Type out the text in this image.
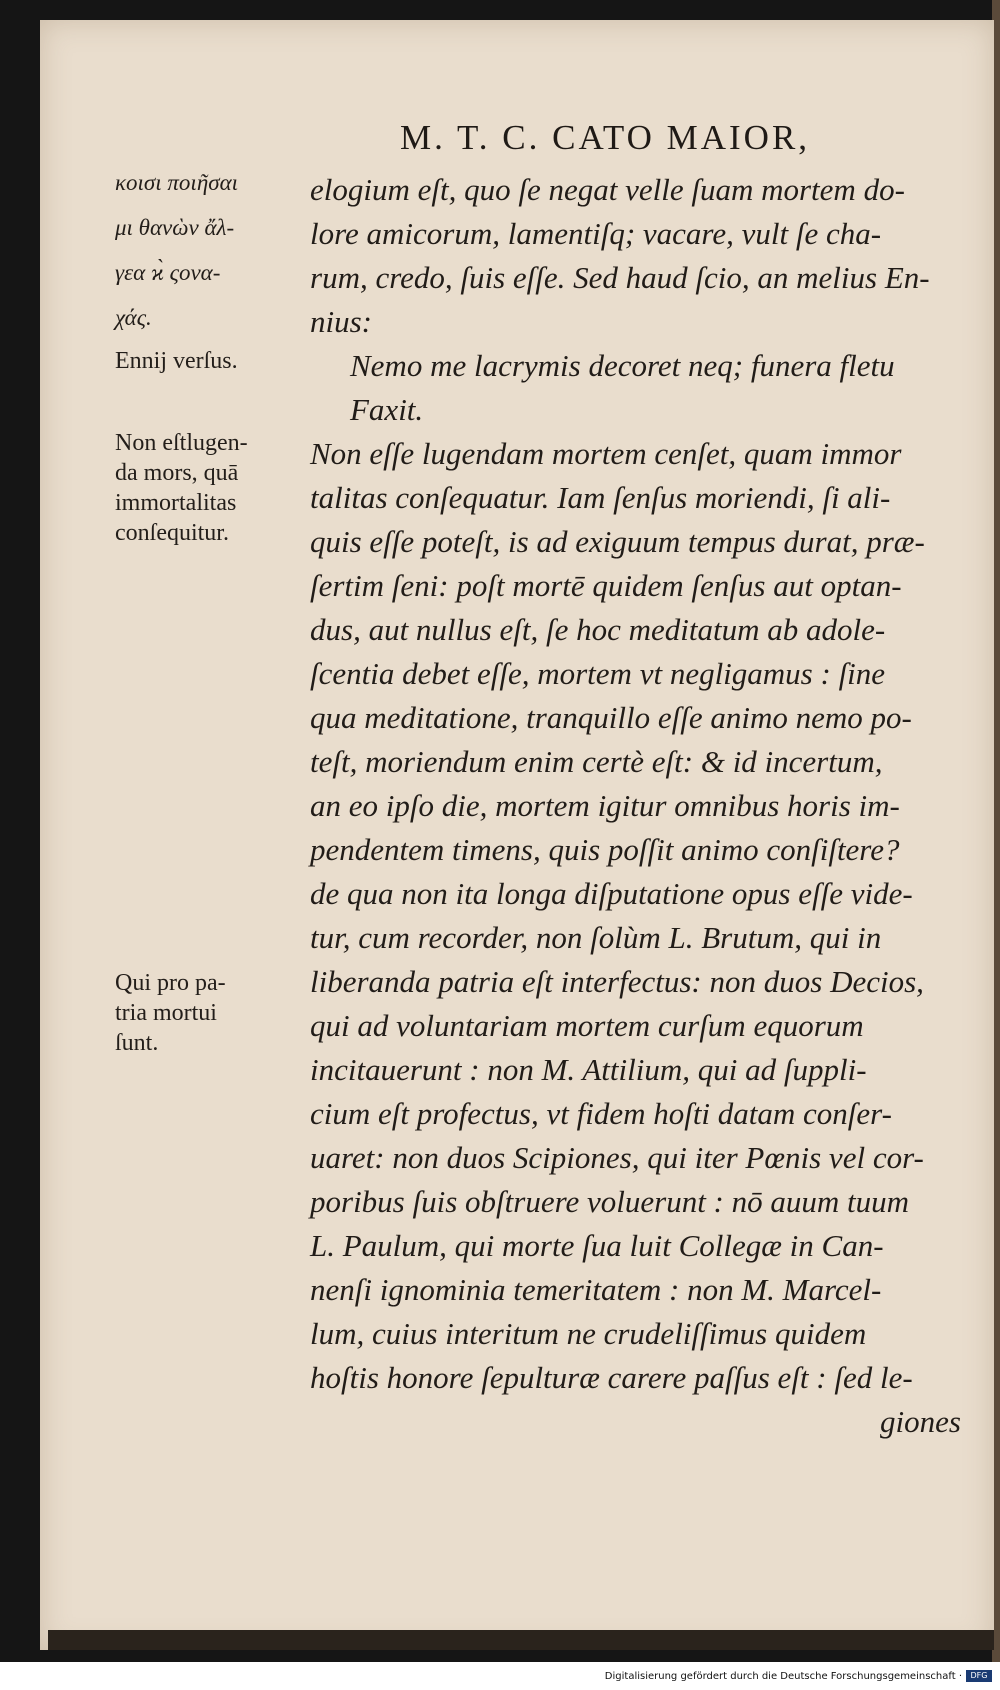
M. T. C. CATO MAIOR,
κοισι ποιῆσαι
μι θανὼν ἄλ-
γεα ϰ̀ ςονα-
χάς.
Ennij verſus.
Non eſtlugen-
da mors, quā
immortalitas
conſequitur.
Qui pro pa-
tria mortui
ſunt.
elogium eſt, quo ſe negat velle ſuam mortem do-
lore amicorum, lamentiſq; vacare, vult ſe cha-
rum, credo, ſuis eſſe. Sed haud ſcio, an melius En-
nius:
Nemo me lacrymis decoret neq; funera fletu
Faxit.
Non eſſe lugendam mortem cenſet, quam immor
talitas conſequatur. Iam ſenſus moriendi, ſi ali-
quis eſſe poteſt, is ad exiguum tempus durat, præ-
ſertim ſeni: poſt mortē quidem ſenſus aut optan-
dus, aut nullus eſt, ſe hoc meditatum ab adole-
ſcentia debet eſſe, mortem vt negligamus : ſine
qua meditatione, tranquillo eſſe animo nemo po-
teſt, moriendum enim certè eſt: & id incertum,
an eo ipſo die, mortem igitur omnibus horis im-
pendentem timens, quis poſſit animo conſiſtere?
de qua non ita longa diſputatione opus eſſe vide-
tur, cum recorder, non ſolùm L. Brutum, qui in
liberanda patria eſt interfectus: non duos Decios,
qui ad voluntariam mortem curſum equorum
incitauerunt : non M. Attilium, qui ad ſuppli-
cium eſt profectus, vt fidem hoſti datam conſer-
uaret: non duos Scipiones, qui iter Pœnis vel cor-
poribus ſuis obſtruere voluerunt : nō auum tuum
L. Paulum, qui morte ſua luit Collegæ in Can-
nenſi ignominia temeritatem : non M. Marcel-
lum, cuius interitum ne crudeliſſimus quidem
hoſtis honore ſepulturæ carere paſſus eſt : ſed le-
giones
Digitalisierung gefördert durch die Deutsche Forschungsgemeinschaft ·	DFG
